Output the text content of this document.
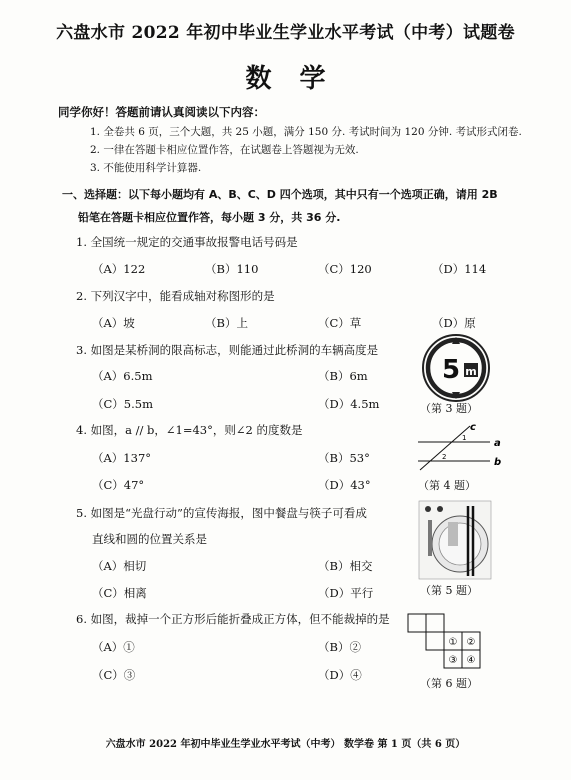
六盘水市 2022 年初中毕业生学业水平考试（中考）试题卷
数学
同学你好！答题前请认真阅读以下内容：
1. 全卷共 6 页，三个大题，共 25 小题，满分 150 分. 考试时间为 120 分钟. 考试形式闭卷.
2. 一律在答题卡相应位置作答，在试题卷上答题视为无效.
3. 不能使用科学计算器.
一、选择题：以下每小题均有 A、B、C、D 四个选项，其中只有一个选项正确，请用 2B
铅笔在答题卡相应位置作答，每小题 3 分，共 36 分.
1. 全国统一规定的交通事故报警电话号码是
（A）122	（B）110	（C）120	（D）114
2. 下列汉字中，能看成轴对称图形的是
（A）坡	（B）上	（C）草	（D）原
3. 如图是某桥洞的限高标志，则能通过此桥洞的车辆高度是
（A）6.5m	（B）6m
（C）5.5m	（D）4.5m
5 m
（第 3 题）
4. 如图，a // b，∠1=43°，则∠2 的度数是
（A）137°	（B）53°
（C）47°	（D）43°
c
a
b
1
2
（第 4 题）
5. 如图是“光盘行动”的宣传海报，图中餐盘与筷子可看成
直线和圆的位置关系是
（A）相切	（B）相交
（C）相离	（D）平行	（第 5 题）
6. 如图，裁掉一个正方形后能折叠成正方体，但不能裁掉的是
（A）①	（B）②
（C）③	（D）④
① ②
③ ④
（第 6 题）
六盘水市 2022 年初中毕业生学业水平考试（中考） 数学卷 第 1 页（共 6 页）
